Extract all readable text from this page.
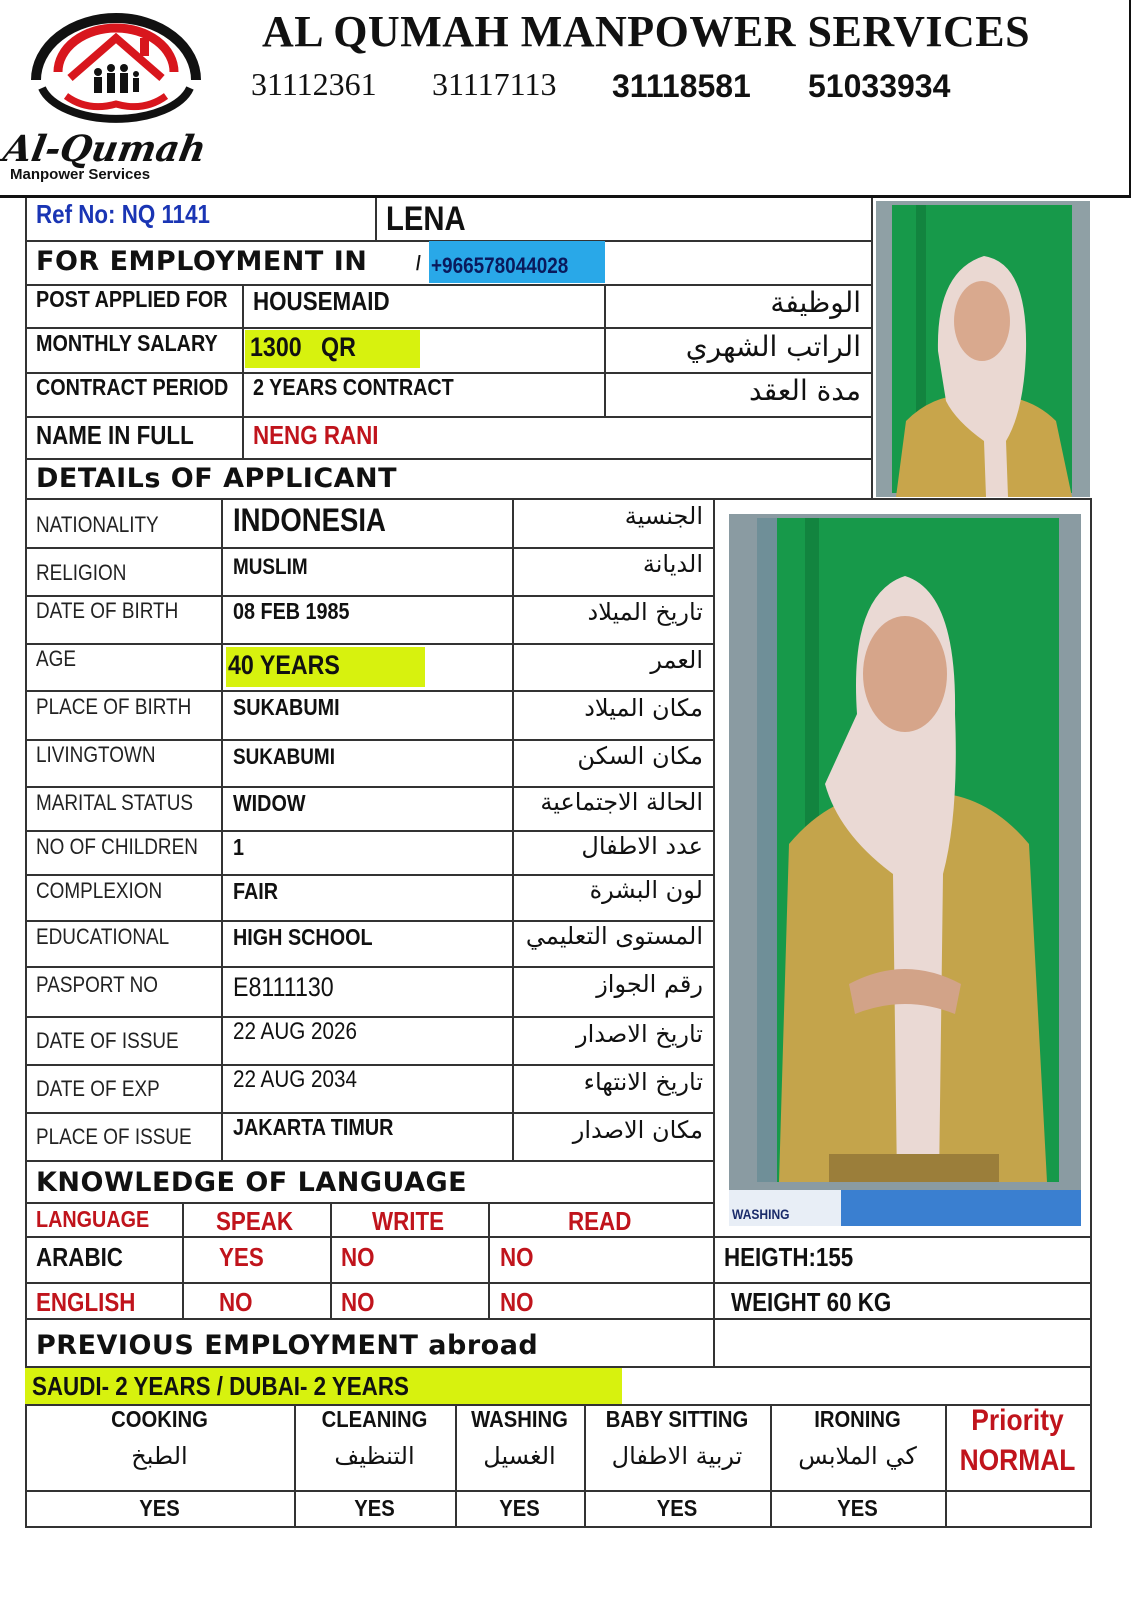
Al-Qumah
Manpower Services
AL QUMAH MANPOWER SERVICES
31112361 31117113 31118581 51033934
Ref No: NQ 1141	LENA
FOR EMPLOYMENT IN / +966578044028
POST APPLIED FOR HOUSEMAID	الوظيفة
MONTHLY SALARY 1300   QR	الراتب الشهري
CONTRACT PERIOD 2 YEARS CONTRACT	مدة العقد
NAME IN FULL NENG RANI
DETAILs OF APPLICANT
NATIONALITY INDONESIA	الجنسية
RELIGION	MUSLIM	الديانة
DATE OF BIRTH 08 FEB 1985	تاريخ الميلاد
AGE	40 YEARS	العمر
PLACE OF BIRTH SUKABUMI	مكان الميلاد
LIVINGTOWN	SUKABUMI	مكان السكن
MARITAL STATUS WIDOW	الحالة الاجتماعية
NO OF CHILDREN 1	عدد الاطفال
COMPLEXION	FAIR	لون البشرة
EDUCATIONAL	HIGH SCHOOL	المستوى التعليمي
PASPORT NO	E8111130	رقم الجواز
DATE OF ISSUE 22 AUG 2026	تاريخ الاصدار
DATE OF EXP	22 AUG 2034	تاريخ الانتهاء
PLACE OF ISSUE JAKARTA TIMUR	مكان الاصدار
WASHING
KNOWLEDGE OF LANGUAGE
LANGUAGE	SPEAK	WRITE	READ
ARABIC	YES	NO	NO
ENGLISH	NO	NO	NO
HEIGTH:155
WEIGHT 60 KG
PREVIOUS EMPLOYMENT abroad
SAUDI- 2 YEARS / DUBAI- 2 YEARS
COOKING	CLEANING	WASHING	BABY SITTING	IRONING
الطبخ	التنظيف	الغسيل	تربية الاطفال	كي الملابس
YES	YES	YES	YES	YES
Priority
NORMAL
